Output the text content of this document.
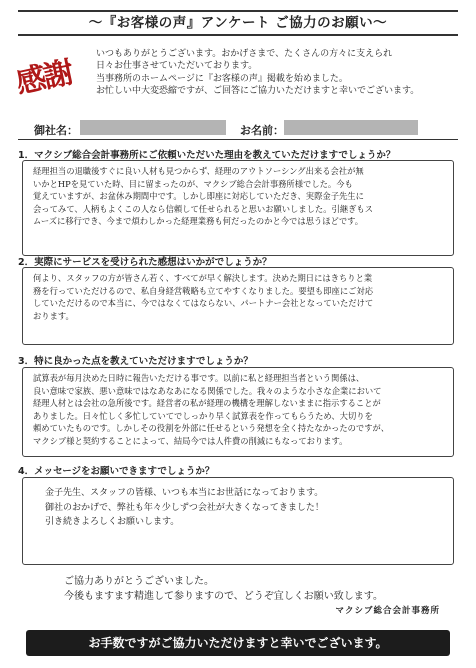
～『お客様の声』アンケート ご協力のお願い～
感謝
いつもありがとうございます。おかげさまで、たくさんの方々に支えられ
日々お仕事させていただいております。
当事務所のホームページに『お客様の声』掲載を始めました。
お忙しい中大変恐縮ですが、ご回答にご協力いただけますと幸いでございます。
御社名：	お名前：
1．マクシブ総合会計事務所にご依頼いただいた理由を教えていただけますでしょうか？
経理担当の退職後すぐに良い人材も見つからず、経理のアウトソーシング出来る会社が無
いかとHPを見ていた時、目に留まったのが、マクシブ総合会計事務所様でした。今も
覚えていますが、お盆休み期間中です。しかし即座に対応していただき、実際金子先生に
会ってみて、人柄もよくこの人なら信頼して任せられると思いお願いしました。引継ぎもス
ムーズに移行でき、今まで煩わしかった経理業務も何だったのかと今では思うほどです。
2．実際にサービスを受けられた感想はいかがでしょうか？
何より、スタッフの方が皆さん若く、すべてが早く解決します。決めた期日にはきちりと業
務を行っていただけるので、私自身経営戦略も立てやすくなりました。要望も即座にご対応
していただけるので本当に、今ではなくてはならない、パートナー会社となっていただけて
おります。
3．特に良かった点を教えていただけますでしょうか？
試算表が毎月決めた日時に報告いただける事です。以前に私と経理担当者という関係は、
良い意味で家族、悪い意味ではなあなあになる関係でした。我々のような小さな企業において
経理人材とは会社の急所後です。経営者の私が経理の機構を理解しないままに指示することが
ありました。日々忙しく多忙していてでしっかり早く試算表を作ってもらうため、大切りを
頼めていたものです。しかしその役割を外部に任せるという発想を全く持たなかったのですが、
マクシブ様と契約することによって、結局今では人件費の削減にもなっております。
4．メッセージをお願いできますでしょうか？
金子先生、スタッフの皆様、いつも本当にお世話になっております。
御社のおかげで、弊社も年々少しずつ会社が大きくなってきました！
引き続きよろしくお願いします。
ご協力ありがとうございました。
今後もますます精進して参りますので、どうぞ宜しくお願い致します。
マクシブ総合会計事務所
お手数ですがご協力いただけますと幸いでございます。
